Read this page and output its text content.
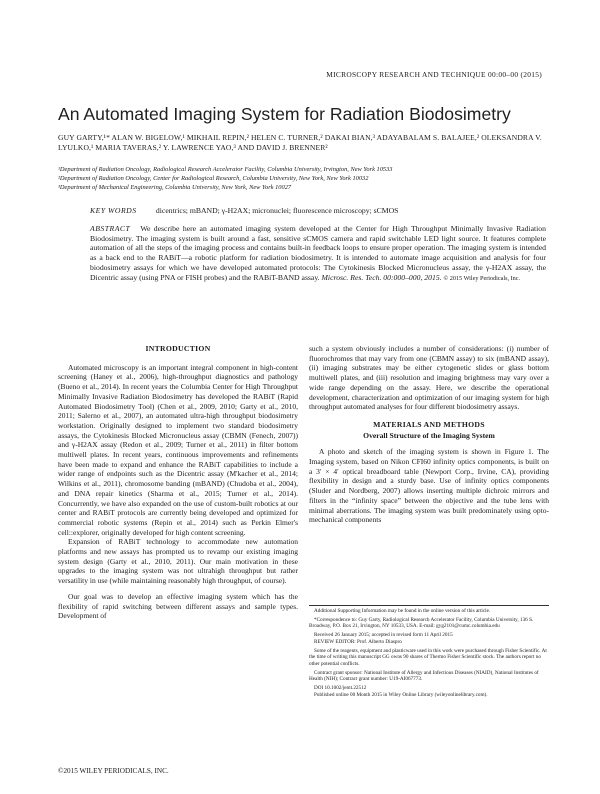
MICROSCOPY RESEARCH AND TECHNIQUE 00:00–00 (2015)
An Automated Imaging System for Radiation Biodosimetry
GUY GARTY,¹* ALAN W. BIGELOW,¹ MIKHAIL REPIN,² HELEN C. TURNER,² DAKAI BIAN,³ ADAYABALAM S. BALAJEE,² OLEKSANDRA V. LYULKO,¹ MARIA TAVERAS,² Y. LAWRENCE YAO,³ AND DAVID J. BRENNER²
¹Department of Radiation Oncology, Radiological Research Accelerator Facility, Columbia University, Irvington, New York 10533
²Department of Radiation Oncology, Center for Radiological Research, Columbia University, New York, New York 10032
³Department of Mechanical Engineering, Columbia University, New York, New York 10027
KEY WORDS	dicentrics; mBAND; γ-H2AX; micronuclei; fluorescence microscopy; sCMOS
ABSTRACT We describe here an automated imaging system developed at the Center for High Throughput Minimally Invasive Radiation Biodosimetry. The imaging system is built around a fast, sensitive sCMOS camera and rapid switchable LED light source. It features complete automation of all the steps of the imaging process and contains built-in feedback loops to ensure proper operation. The imaging system is intended as a back end to the RABiT—a robotic platform for radiation biodosimetry. It is intended to automate image acquisition and analysis for four biodosimetry assays for which we have developed automated protocols: The Cytokinesis Blocked Micronucleus assay, the γ-H2AX assay, the Dicentric assay (using PNA or FISH probes) and the RABiT-BAND assay. Microsc. Res. Tech. 00:000–000, 2015. © 2015 Wiley Periodicals, Inc.
INTRODUCTION

Automated microscopy is an important integral component in high-content screening (Haney et al., 2006), high-throughput diagnostics and pathology (Bueno et al., 2014). In recent years the Columbia Center for High Throughput Minimally Invasive Radiation Biodosimetry has developed the RABiT (Rapid Automated Biodosimetry Tool) (Chen et al., 2009, 2010; Garty et al., 2010, 2011; Salerno et al., 2007), an automated ultra-high throughput biodosimetry workstation. Originally designed to implement two standard biodosimetry assays, the Cytokinesis Blocked Micronucleus assay (CBMN (Fenech, 2007)) and γ-H2AX assay (Redon et al., 2009; Turner et al., 2011) in filter bottom multiwell plates. In recent years, continuous improvements and refinements have been made to expand and enhance the RABiT capabilities to include a wider range of endpoints such as the Dicentric assay (M'kacher et al., 2014; Wilkins et al., 2011), chromosome banding (mBAND) (Chudoba et al., 2004), and DNA repair kinetics (Sharma et al., 2015; Turner et al., 2014). Concurrently, we have also expanded on the use of custom-built robotics at our center and RABiT protocols are currently being developed and optimized for commercial robotic systems (Repin et al., 2014) such as Perkin Elmer's cell::explorer, originally developed for high content screening.

Expansion of RABiT technology to accommodate new automation platforms and new assays has prompted us to revamp our existing imaging system design (Garty et al., 2010, 2011). Our main motivation in these upgrades to the imaging system was not ultrahigh throughput but rather versatility in use (while maintaining reasonably high throughput, of course).

Our goal was to develop an effective imaging system which has the flexibility of rapid switching between different assays and sample types. Development of

such a system obviously includes a number of considerations: (i) number of fluorochromes that may vary from one (CBMN assay) to six (mBAND assay), (ii) imaging substrates may be either cytogenetic slides or glass bottom multiwell plates, and (iii) resolution and imaging brightness may vary over a wide range depending on the assay. Here, we describe the operational development, characterization and optimization of our imaging system for high throughput automated analyses for four different biodosimetry assays.

MATERIALS AND METHODS
Overall Structure of the Imaging System

A photo and sketch of the imaging system is shown in Figure 1. The Imaging system, based on Nikon CFI60 infinity optics components, is built on a 3′ × 4′ optical breadboard table (Newport Corp., Irvine, CA), providing flexibility in design and a sturdy base. Use of infinity optics components (Sluder and Nordberg, 2007) allows inserting multiple dichroic mirrors and filters in the “infinity space” between the objective and the tube lens with minimal aberrations. The imaging system was built predominately using opto-mechanical components

Additional Supporting Information may be found in the online version of this article.

*Correspondence to: Guy Garty, Radiological Research Accelerator Facility, Columbia University, 136 S. Broadway, P.O. Box 21, Irvington, NY 10533, USA. E-mail: gyg2101@cumc.columbia.edu

Received 26 January 2015; accepted in revised form 11 April 2015

REVIEW EDITOR: Prof. Alberto Diaspro

Some of the reagents, equipment and plasticware used in this work were purchased through Fisher Scientific. At the time of writing this manuscript GG owns 90 shares of Thermo Fisher Scientific stock. The authors report no other potential conflicts.

Contract grant sponsor: National Institute of Allergy and Infectious Diseases (NIAID), National Institutes of Health (NIH); Contract grant number: U19-AI067773.

DOI 10.1002/jemt.22512

Published online 00 Month 2015 in Wiley Online Library (wileyonlinelibrary.com).

©2015 WILEY PERIODICALS, INC.
